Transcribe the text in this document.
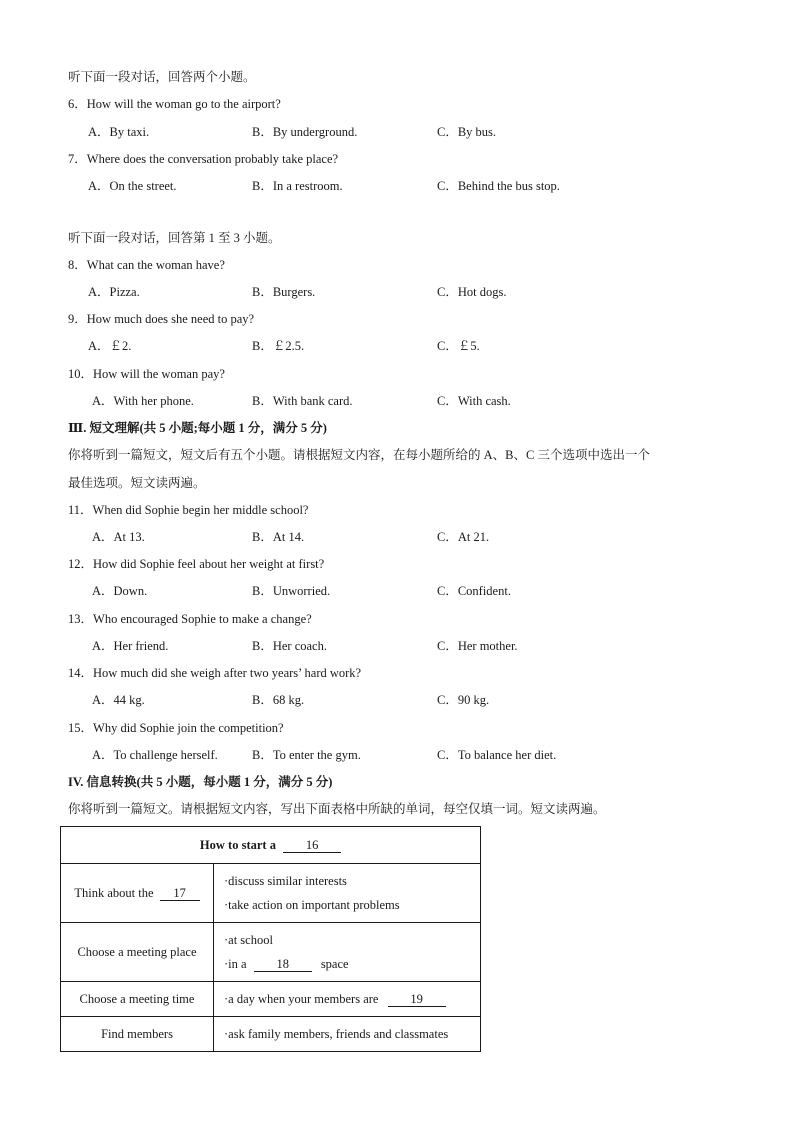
听下面一段对话，回答两个小题。
6．How will the woman go to the airport?
A．By taxi.	B．By underground.	C．By bus.
7．Where does the conversation probably take place?
A．On the street.	B．In a restroom.	C．Behind the bus stop.
听下面一段对话，回答第 1 至 3 小题。
8．What can the woman have?
A．Pizza.	B．Burgers.	C．Hot dogs.
9．How much does she need to pay?
A．￡2.	B．￡2.5.	C．￡5.
10．How will the woman pay?
A．With her phone.	B．With bank card.	C．With cash.
Ⅲ. 短文理解(共 5 小题;每小题 1 分，满分 5 分)
你将听到一篇短文，短文后有五个小题。请根据短文内容，在每小题所给的 A、B、C 三个选项中选出一个
最佳选项。短文读两遍。
11．When did Sophie begin her middle school?
A．At 13.	B．At 14.	C．At 21.
12．How did Sophie feel about her weight at first?
A．Down.	B．Unworried.	C．Confident.
13．Who encouraged Sophie to make a change?
A．Her friend.	B．Her coach.	C．Her mother.
14．How much did she weigh after two years’ hard work?
A．44 kg.	B．68 kg.	C．90 kg.
15．Why did Sophie join the competition?
A．To challenge herself.	B．To enter the gym.	C．To balance her diet.
IV. 信息转换(共 5 小题，每小题 1 分，满分 5 分)
你将听到一篇短文。请根据短文内容，写出下面表格中所缺的单词，每空仅填一词。短文读两遍。
How to start a 16	
Think about the 17	·discuss similar interests
·take action on important problems

Choose a meeting place	·at school
·in a 18 space

Choose a meeting time	·a day when your members are 19
Find members	·ask family members, friends and classmates
